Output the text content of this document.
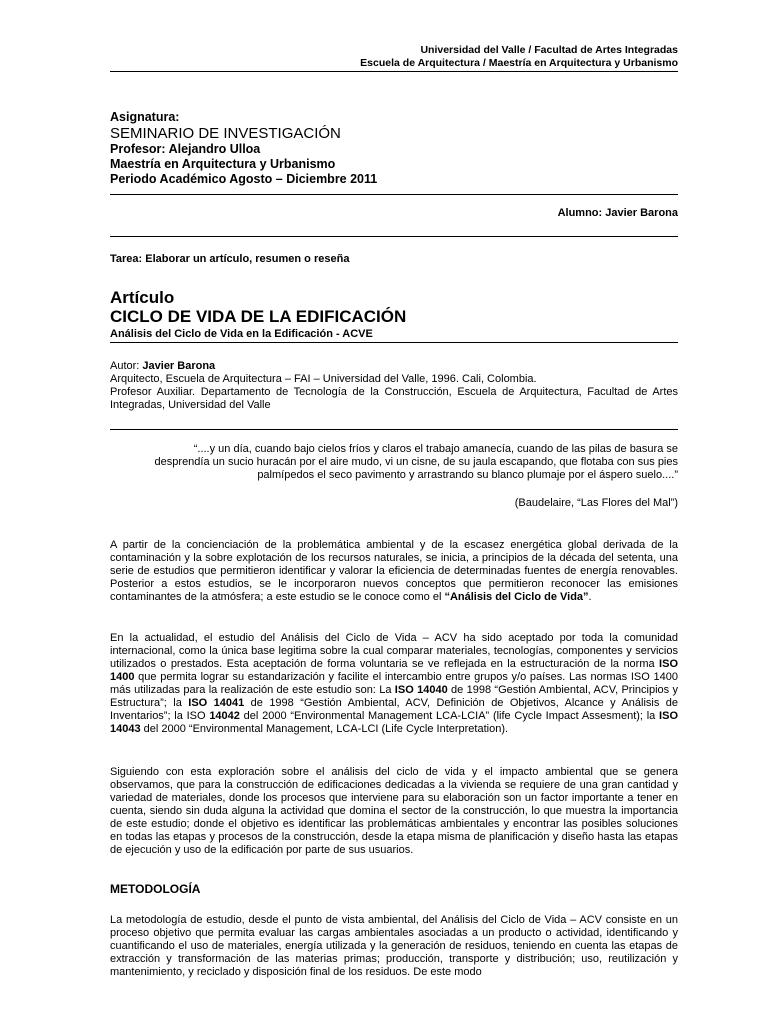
Universidad del Valle / Facultad de Artes Integradas
Escuela de Arquitectura / Maestría en Arquitectura y Urbanismo
Asignatura:
SEMINARIO DE INVESTIGACIÓN
Profesor: Alejandro Ulloa
Maestría en Arquitectura y Urbanismo
Periodo Académico Agosto – Diciembre 2011
Alumno: Javier Barona
Tarea: Elaborar un artículo, resumen o reseña
Artículo
CICLO DE VIDA DE LA EDIFICACIÓN
Análisis del Ciclo de Vida en la Edificación - ACVE
Autor: Javier Barona
Arquitecto, Escuela de Arquitectura – FAI – Universidad del Valle, 1996. Cali, Colombia.
Profesor Auxiliar. Departamento de Tecnología de la Construcción, Escuela de Arquitectura, Facultad de Artes Integradas, Universidad del Valle
“....y un día, cuando bajo cielos fríos y claros el trabajo amanecía, cuando de las pilas de basura se
desprendía un sucio huracán por el aire mudo, vi un cisne, de su jaula escapando, que flotaba con sus pies
palmípedos el seco pavimento y arrastrando su blanco plumaje por el áspero suelo....”
(Baudelaire, “Las Flores del Mal”)

A partir de la concienciación de la problemática ambiental y de la escasez energética global derivada de la contaminación y la sobre explotación de los recursos naturales, se inicia, a principios de la década del setenta, una serie de estudios que permitieron identificar y valorar la eficiencia de determinadas fuentes de energía renovables. Posterior a estos estudios, se le incorporaron nuevos conceptos que permitieron reconocer las emisiones contaminantes de la atmósfera; a este estudio se le conoce como el “Análisis del Ciclo de Vida”.

En la actualidad, el estudio del Análisis del Ciclo de Vida – ACV ha sido aceptado por toda la comunidad internacional, como la única base legitima sobre la cual comparar materiales, tecnologías, componentes y servicios utilizados o prestados. Esta aceptación de forma voluntaria se ve reflejada en la estructuración de la norma ISO 1400 que permita lograr su estandarización y facilite el intercambio entre grupos y/o países. Las normas ISO 1400 más utilizadas para la realización de este estudio son: La ISO 14040 de 1998 “Gestión Ambiental, ACV, Principios y Estructura”; la ISO 14041 de 1998 “Gestión Ambiental, ACV, Definición de Objetivos, Alcance y Análisis de Inventarios”; la ISO 14042 del 2000 “Environmental Management LCA-LCIA” (life Cycle Impact Assesment); la ISO 14043 del 2000 “Environmental Management, LCA-LCI (Life Cycle Interpretation).

Siguiendo con esta exploración sobre el análisis del ciclo de vida y el impacto ambiental que se genera observamos, que para la construcción de edificaciones dedicadas a la vivienda se requiere de una gran cantidad y variedad de materiales, donde los procesos que interviene para su elaboración son un factor importante a tener en cuenta, siendo sin duda alguna la actividad que domina el sector de la construcción, lo que muestra la importancia de este estudio; donde el objetivo es identificar las problemáticas ambientales y encontrar las posibles soluciones en todas las etapas y procesos de la construcción, desde la etapa misma de planificación y diseño hasta las etapas de ejecución y uso de la edificación por parte de sus usuarios.

METODOLOGÍA

La metodología de estudio, desde el punto de vista ambiental, del Análisis del Ciclo de Vida – ACV consiste en un proceso objetivo que permita evaluar las cargas ambientales asociadas a un producto o actividad, identificando y cuantificando el uso de materiales, energía utilizada y la generación de residuos, teniendo en cuenta las etapas de extracción y transformación de las materias primas; producción, transporte y distribución; uso, reutilización y mantenimiento, y reciclado y disposición final de los residuos. De este modo
